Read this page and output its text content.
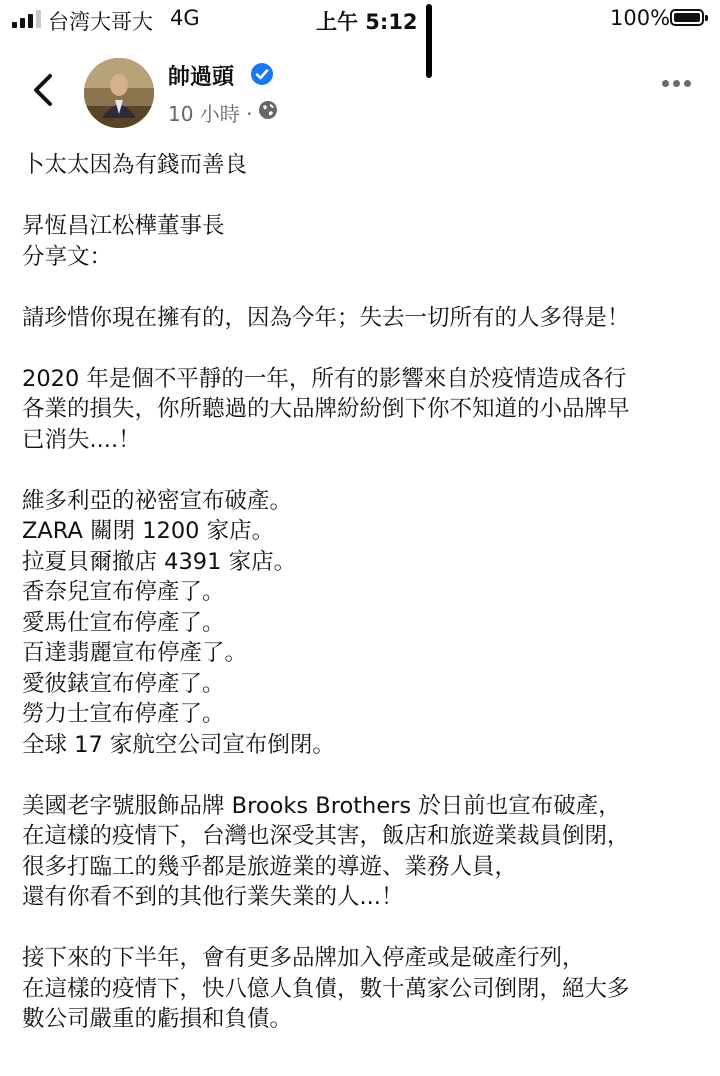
台湾大哥大 4G	上午 5:12	100%
帥過頭
10 小時 ·

卜太太因為有錢而善良

昇恆昌江松樺董事長
分享文：

請珍惜你現在擁有的，因為今年；失去一切所有的人多得是！

2020 年是個不平靜的一年，所有的影響來自於疫情造成各行
各業的損失，你所聽過的大品牌紛紛倒下你不知道的小品牌早
已消失....！

維多利亞的祕密宣布破產。
ZARA 關閉 1200 家店。
拉夏貝爾撤店 4391 家店。
香奈兒宣布停產了。
愛馬仕宣布停產了。
百達翡麗宣布停產了。
愛彼錶宣布停產了。
勞力士宣布停產了。
全球 17 家航空公司宣布倒閉。

美國老字號服飾品牌 Brooks Brothers 於日前也宣布破產，
在這樣的疫情下，台灣也深受其害，飯店和旅遊業裁員倒閉，
很多打臨工的幾乎都是旅遊業的導遊、業務人員，
還有你看不到的其他行業失業的人...！

接下來的下半年，會有更多品牌加入停產或是破產行列，
在這樣的疫情下，快八億人負債，數十萬家公司倒閉，絕大多
數公司嚴重的虧損和負債。
